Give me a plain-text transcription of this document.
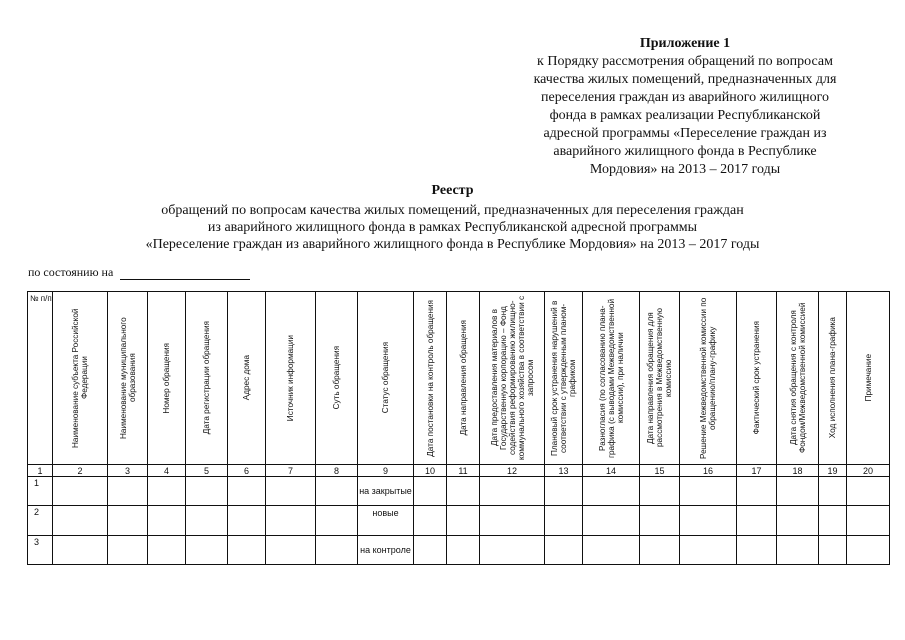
Приложение 1
к Порядку рассмотрения обращений по вопросам
качества жилых помещений, предназначенных для
переселения граждан из аварийного жилищного
фонда в рамках реализации Республиканской
адресной программы «Переселение граждан из
аварийного жилищного фонда в Республике
Мордовия» на 2013 – 2017 годы
Реестр
обращений по вопросам качества жилых помещений, предназначенных для переселения граждан
из аварийного жилищного фонда в рамках Республиканской адресной программы
«Переселение граждан из аварийного жилищного фонда в Республике Мордовия» на 2013 – 2017 годы
по состоянию на
№ п/п	Наименование субъекта Российской Федерации	Наименование муниципального образования	Номер обращения	Дата регистрации обращения	Адрес дома	Источник информации	Суть обращения	Статус обращения	Дата постановки на контроль обращения	Дата направления обращения	Дата предоставления материалов в Государственную корпорацию – Фонд содействия реформированию жилищно-коммунального хозяйства в соответствии с запросом	Плановый срок устранения нарушений в соответствии с утвержденным планом-графиком	Разногласия (по согласованию плана-графика (с выводами Межведомственной комиссии), при наличии	Дата направления обращения для рассмотрения в Межведомственную комиссию	Решение Межведомственной комиссии по обращению/плану-графику	Фактический срок устранения	Дата снятия обращения с контроля Фондом/Межведомственной комиссией	Ход исполнения плана-графика	Примечание

1	2	3	4	5	6	7	8	9	10	11	12	13	14	15	16	17	18	19	20
1								на закрытые											
2								новые											
3								на контроле											
